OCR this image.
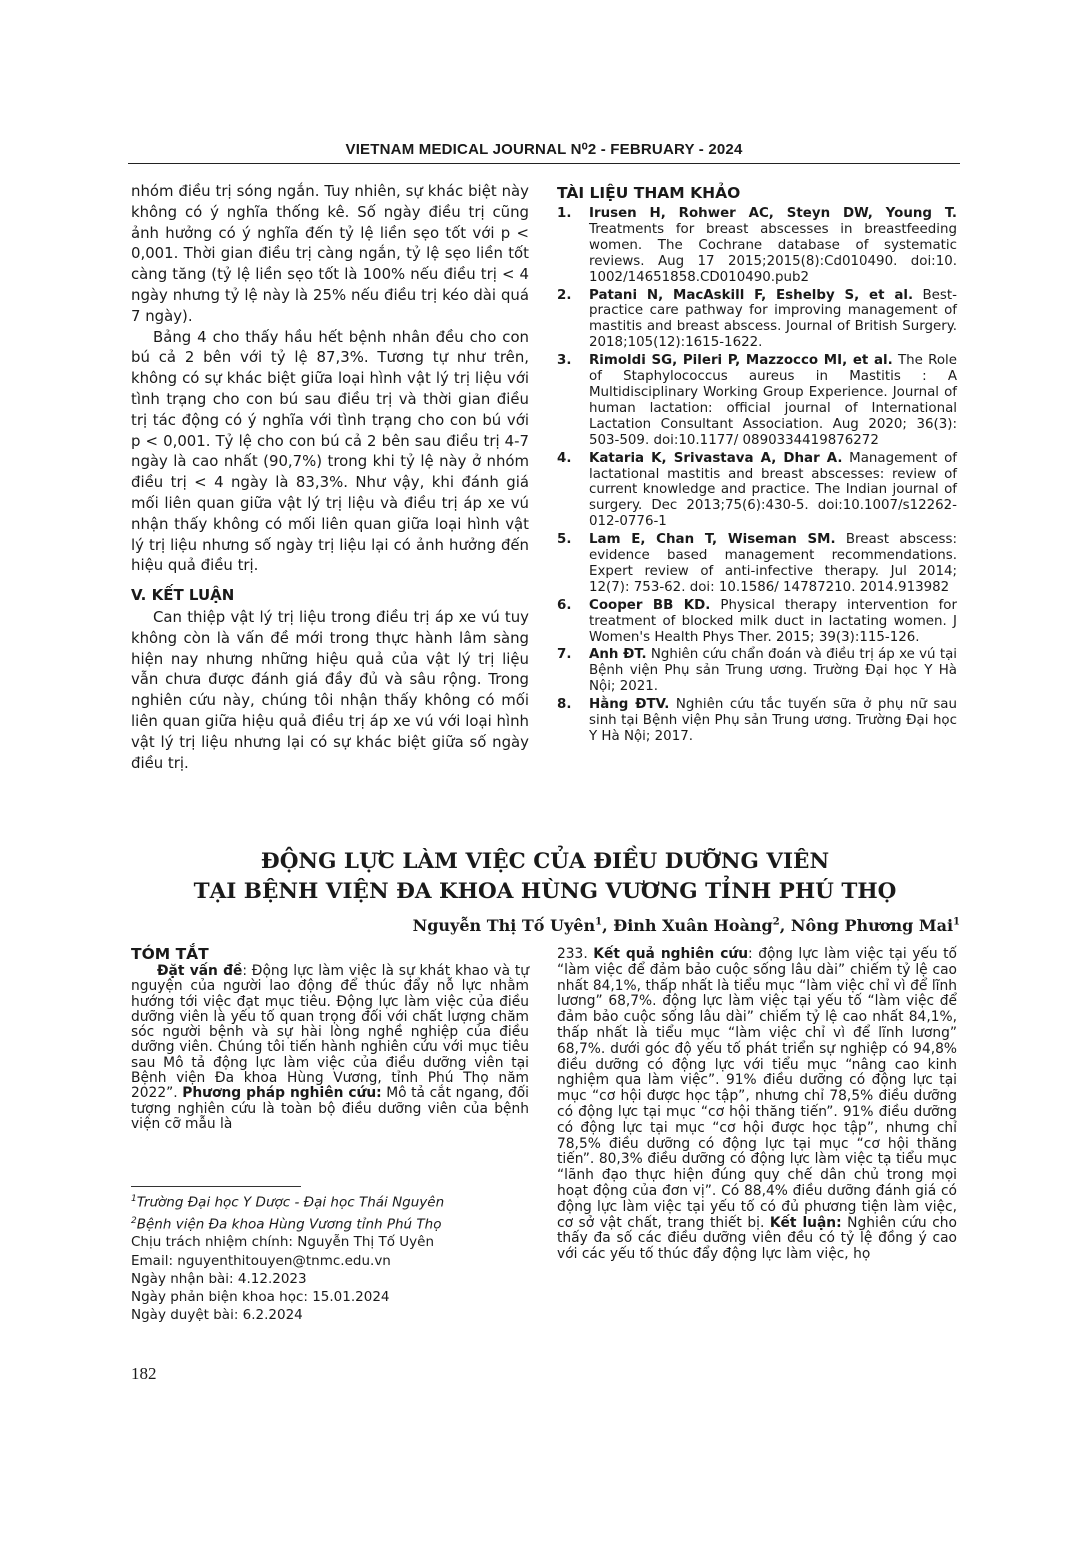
VIETNAM MEDICAL JOURNAL N⁰2 - FEBRUARY - 2024

nhóm điều trị sóng ngắn. Tuy nhiên, sự khác biệt này không có ý nghĩa thống kê. Số ngày điều trị cũng ảnh hưởng có ý nghĩa đến tỷ lệ liền sẹo tốt với p < 0,001. Thời gian điều trị càng ngắn, tỷ lệ sẹo liền tốt càng tăng (tỷ lệ liền sẹo tốt là 100% nếu điều trị < 4 ngày nhưng tỷ lệ này là 25% nếu điều trị kéo dài quá 7 ngày).

Bảng 4 cho thấy hầu hết bệnh nhân đều cho con bú cả 2 bên với tỷ lệ 87,3%. Tương tự như trên, không có sự khác biệt giữa loại hình vật lý trị liệu với tình trạng cho con bú sau điều trị và thời gian điều trị tác động có ý nghĩa với tình trạng cho con bú với p < 0,001. Tỷ lệ cho con bú cả 2 bên sau điều trị 4-7 ngày là cao nhất (90,7%) trong khi tỷ lệ này ở nhóm điều trị < 4 ngày là 83,3%. Như vậy, khi đánh giá mối liên quan giữa vật lý trị liệu và điều trị áp xe vú nhận thấy không có mối liên quan giữa loại hình vật lý trị liệu nhưng số ngày trị liệu lại có ảnh hưởng đến hiệu quả điều trị.

V. KẾT LUẬN

Can thiệp vật lý trị liệu trong điều trị áp xe vú tuy không còn là vấn đề mới trong thực hành lâm sàng hiện nay nhưng những hiệu quả của vật lý trị liệu vẫn chưa được đánh giá đầy đủ và sâu rộng. Trong nghiên cứu này, chúng tôi nhận thấy không có mối liên quan giữa hiệu quả điều trị áp xe vú với loại hình vật lý trị liệu nhưng lại có sự khác biệt giữa số ngày điều trị.

TÀI LIỆU THAM KHẢO
1.	Irusen H, Rohwer AC, Steyn DW, Young T. Treatments for breast abscesses in breastfeeding women. The Cochrane database of systematic reviews. Aug 17 2015;2015(8):Cd010490. doi:10. 1002/14651858.CD010490.pub2
2.	Patani N, MacAskill F, Eshelby S, et al. Best-practice care pathway for improving management of mastitis and breast abscess. Journal of British Surgery. 2018;105(12):1615-1622.
3.	Rimoldi SG, Pileri P, Mazzocco MI, et al. The Role of Staphylococcus aureus in Mastitis : A Multidisciplinary Working Group Experience. Journal of human lactation: official journal of International Lactation Consultant Association. Aug 2020; 36(3): 503-509. doi:10.1177/ 0890334419876272
4.	Kataria K, Srivastava A, Dhar A. Management of lactational mastitis and breast abscesses: review of current knowledge and practice. The Indian journal of surgery. Dec 2013;75(6):430-5. doi:10.1007/s12262-012-0776-1
5.	Lam E, Chan T, Wiseman SM. Breast abscess: evidence based management recommendations. Expert review of anti-infective therapy. Jul 2014; 12(7): 753-62. doi: 10.1586/ 14787210. 2014.913982
6.	Cooper BB KD. Physical therapy intervention for treatment of blocked milk duct in lactating women. J Women's Health Phys Ther. 2015; 39(3):115-126.
7.	Anh ĐT. Nghiên cứu chẩn đoán và điều trị áp xe vú tại Bệnh viện Phụ sản Trung ương. Trường Đại học Y Hà Nội; 2021.
8.	Hằng ĐTV. Nghiên cứu tắc tuyến sữa ở phụ nữ sau sinh tại Bệnh viện Phụ sản Trung ương. Trường Đại học Y Hà Nội; 2017.
ĐỘNG LỰC LÀM VIỆC CỦA ĐIỀU DƯỠNG VIÊN
TẠI BỆNH VIỆN ĐA KHOA HÙNG VƯƠNG TỈNH PHÚ THỌ
Nguyễn Thị Tố Uyên$^1$, Đinh Xuân Hoàng$^2$, Nông Phương Mai$^1$
TÓM TẮT

Đặt vấn đề: Động lực làm việc là sự khát khao và tự nguyện của người lao động để thúc đẩy nỗ lực nhằm hướng tới việc đạt mục tiêu. Động lực làm việc của điều dưỡng viên là yếu tố quan trọng đối với chất lượng chăm sóc người bệnh và sự hài lòng nghề nghiệp của điều dưỡng viên. Chúng tôi tiến hành nghiên cứu với mục tiêu sau Mô tả động lực làm việc của điều dưỡng viên tại Bệnh viện Đa khoa Hùng Vương, tỉnh Phú Thọ năm 2022”. Phương pháp nghiên cứu: Mô tả cắt ngang, đối tượng nghiên cứu là toàn bộ điều dưỡng viên của bệnh viện cỡ mẫu là

$^1$Trường Đại học Y Dược - Đại học Thái Nguyên
$^2$Bệnh viện Đa khoa Hùng Vương tỉnh Phú Thọ
Chịu trách nhiệm chính: Nguyễn Thị Tố Uyên
Email: nguyenthitouyen@tnmc.edu.vn
Ngày nhận bài: 4.12.2023
Ngày phản biện khoa học: 15.01.2024
Ngày duyệt bài: 6.2.2024

233. Kết quả nghiên cứu: động lực làm việc tại yếu tố “làm việc để đảm bảo cuộc sống lâu dài” chiếm tỷ lệ cao nhất 84,1%, thấp nhất là tiểu mục “làm việc chỉ vì để lĩnh lương” 68,7%. động lực làm việc tại yếu tố “làm việc để đảm bảo cuộc sống lâu dài” chiếm tỷ lệ cao nhất 84,1%, thấp nhất là tiểu mục “làm việc chỉ vì để lĩnh lương” 68,7%. dưới góc độ yếu tố phát triển sự nghiệp có 94,8% điều dưỡng có động lực với tiểu mục “nâng cao kinh nghiệm qua làm việc”. 91% điều dưỡng có động lực tại mục “cơ hội được học tập”, nhưng chỉ 78,5% điều dưỡng có động lực tại mục “cơ hội thăng tiến”. 91% điều dưỡng có động lực tại mục “cơ hội được học tập”, nhưng chỉ 78,5% điều dưỡng có động lực tại mục “cơ hội thăng tiến”. 80,3% điều dưỡng có động lực làm việc tạ tiểu mục “lãnh đạo thực hiện đúng quy chế dân chủ trong mọi hoạt động của đơn vị”. Có 88,4% điều dưỡng đánh giá có động lực làm việc tại yếu tố có đủ phương tiện làm việc, cơ sở vật chất, trang thiết bị. Kết luận: Nghiên cứu cho thấy đa số các điều dưỡng viên đều có tỷ lệ đồng ý cao với các yếu tố thúc đẩy động lực làm việc, họ

182
